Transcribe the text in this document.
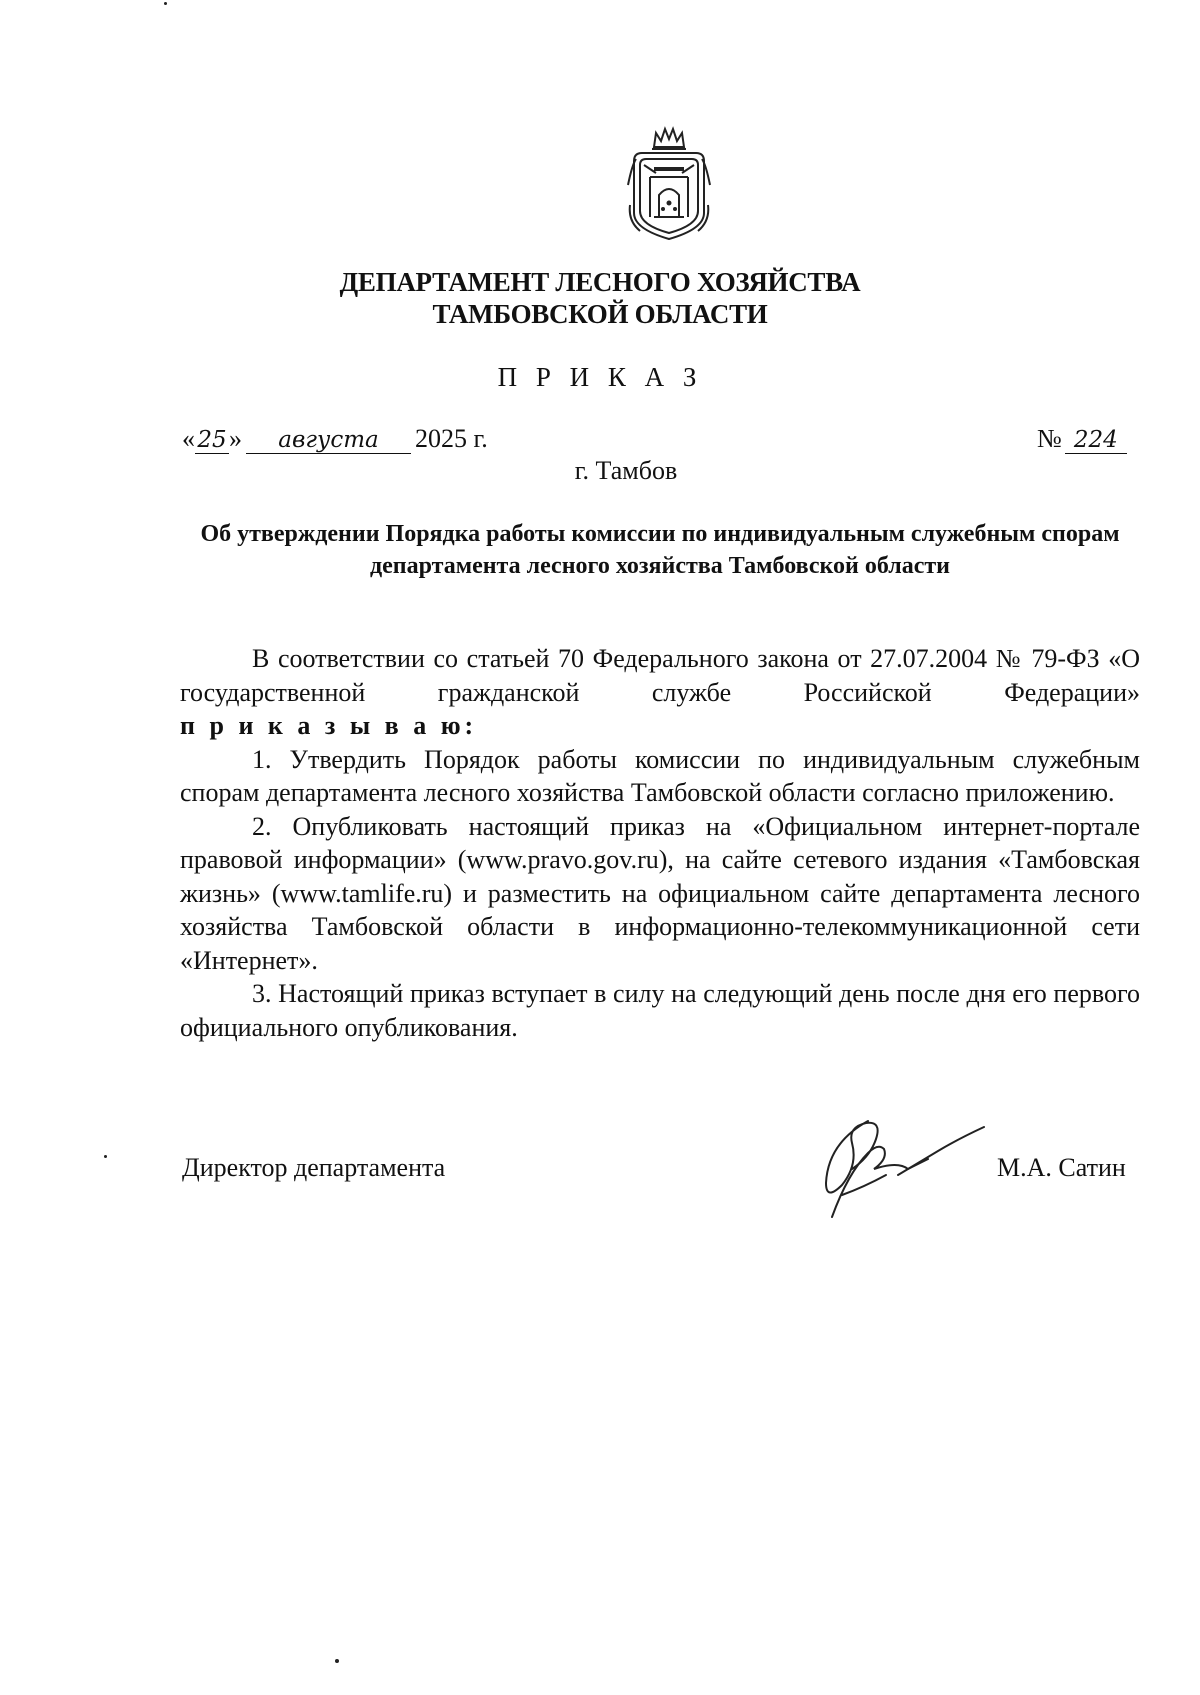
ДЕПАРТАМЕНТ ЛЕСНОГО ХОЗЯЙСТВА
ТАМБОВСКОЙ ОБЛАСТИ
П Р И К А З
« 25» августа 2025 г.	№ 224
г. Тамбов
Об утверждении Порядка работы комиссии по индивидуальным служебным спорам департамента лесного хозяйства Тамбовской области

В соответствии со статьей 70 Федерального закона от 27.07.2004 № 79-ФЗ «О государственной гражданской службе Российской Федерации»

п р и к а з ы в а ю:

1. Утвердить Порядок работы комиссии по индивидуальным служебным спорам департамента лесного хозяйства Тамбовской области согласно приложению.

2. Опубликовать настоящий приказ на «Официальном интернет-портале правовой информации» (www.pravo.gov.ru), на сайте сетевого издания «Тамбовская жизнь» (www.tamlife.ru) и разместить на официальном сайте департамента лесного хозяйства Тамбовской области в информационно-телекоммуникационной сети «Интернет».

3. Настоящий приказ вступает в силу на следующий день после дня его первого официального опубликования.

Директор департамента	М.А. Сатин
